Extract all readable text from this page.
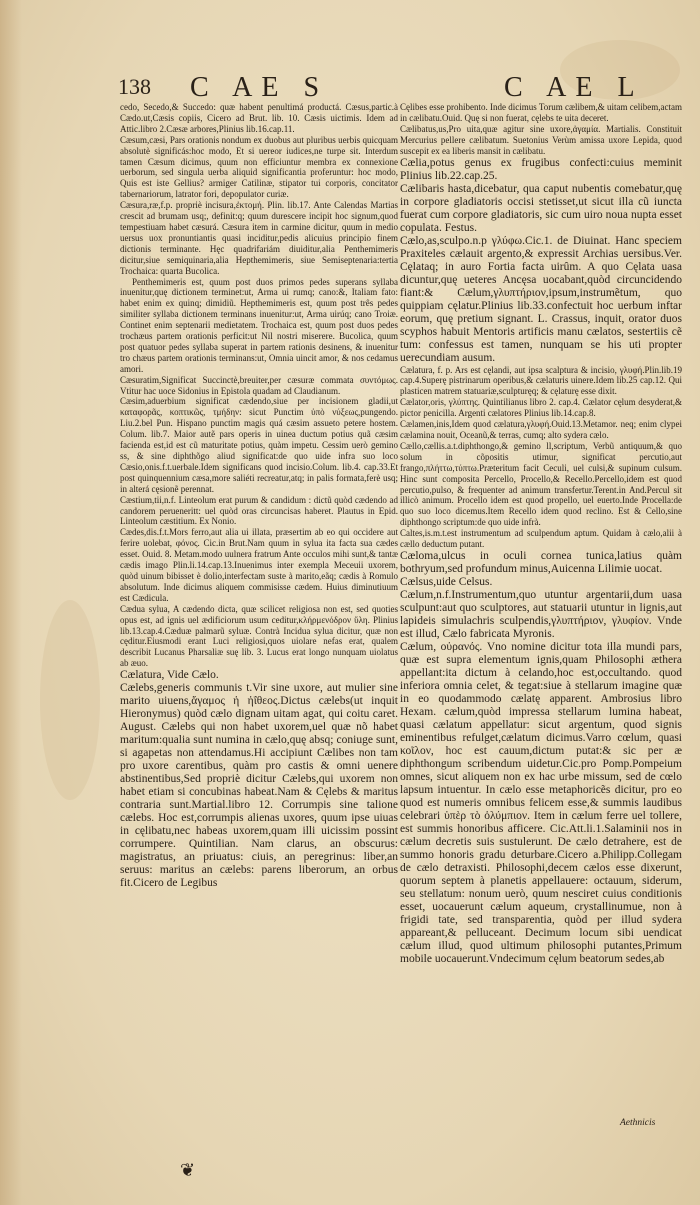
138 C AE S	C AE L

cedo, Secedo,& Succedo: quæ habent penultimá productá. Cæsus,partic.à Cædo.ut,Cæsis copiis, Cicero ad Brut. lib. 10. Cæsis uictimis. Idem ad Attic.libro 2.Cæsæ arbores,Plinius lib.16.cap.11.

Cæsum,cæsi, Pars orationis nondum ex duobus aut pluribus uerbis quicquam absolutè significás:hoc modo, Et si uereor iudices,ne turpe sit. Interdum tamen Cæsum dicimus, quum non efficiuntur membra ex connexione uerborum, sed singula uerba aliquid significantia proferuntur: hoc modo, Quis est iste Gellius? armiger Catilinæ, stipator tui corporis, concitator tabernariorum, latrator fori, depopulator curiæ.

Cæsura,ræ,f.p. propriè incisura,ἐκτομή. Plin. lib.17. Ante Calendas Martias crescit ad brumam usq;, definit:q; quum durescere incipit hoc signum,quod tempestiuam habet cæsurá. Cæsura item in carmine dicitur, quum in medio uersus uox pronuntiantis quasi inciditur,pedis alicuius principio finem dictionis terminante. Hęc quadrifariám diuiditur,alia Penthemimeris dicitur,siue semiquinaria,alia Hepthemimeris, siue Semiseptenaria:tertia Trochaica: quarta Bucolica.

Penthemimeris est, quum post duos primos pedes superans syllaba inuenitur,quę dictionem terminet:ut, Arma ui rumq; cano:&, Italiam fato: habet enim ex quinq; dimidiũ. Hepthemimeris est, quum post três pedes similiter syllaba dictionem terminans inuenitur:ut, Arma uirúq; cano Troiæ. Continet enim septenarii medietatem. Trochaica est, quum post duos pedes trochæus partem orationis perficit:ut Nil nostri miserere. Bucolica, quum post quatuor pedes syllaba superat in partem rationis desinens, & inuenitur tro chæus partem orationis terminans:ut, Omnia uincit amor, & nos cedamus amori.

Cæsuratim,Significat Succinctè,breuiter,per cæsuræ commata συντόμως. Vtitur hac uoce Sidonius in Epistola quadam ad Claudianum.

Cæsim,aduerbium significat cædendo,siue per incisionem gladii,ut καταφορᾶς, κοπτικῶς, τμήδην: sicut Punctim ὑπὸ νύξεως,pungendo. Liu.2.bel Pun. Hispano punctim magis quá cæsim assueto petere hostem. Colum. lib.7. Maior autẽ pars operis in uinea ductum potius quã cæsim facienda est,id est cũ maturitate potius, quàm impetu. Cessim uerò gemino ss, & sine diphthõgo aliud significat:de quo uide infra suo loco Cæsio,onis.f.t.uerbale.Idem significans quod incisio.Colum. lib.4. cap.33.Et post quinquennium cæsa,more saliéti recreatur,atq; in palis formata,ferè usq; in alterá cęsionẽ perennat.

Cæstium,tii,n.f. Linteolum erat purum & candidum : dictũ quòd cædendo ad candorem perueneritt: uel quòd oras circuncisas haberet. Plautus in Epid. Linteolum cæstitium. Ex Nonio.

Cædes,dis.f.t.Mors ferro,aut alia ui illata, præsertim ab eo qui occidere aut ferire uolebat, φόνος. Cic.in Brut.Nam quum in sylua ita facta sua cædes esset. Ouid. 8. Metam.modo uulnera fratrum Ante occulos mihi sunt,& tantæ cædis imago Plin.li.14.cap.13.Inuenimus inter exempla Meceuii uxorem, quòd uinum bibisset è dolio,interfectam suste à marito,eãq; cædis à Romulo absolutum. Inde dicimus aliquem commisisse cædem. Huius diminutiuum est Cædicula.

Cædua sylua, A cædendo dicta, quæ scilicet religiosa non est, sed quoties opus est, ad ignis uel ædificiorum usum ceditur,κλήρμενόδρον ὕλη. Plinius lib.13.cap.4.Cæduæ palmarũ syluæ. Contrà Incidua sylua dicitur, quæ non cęditur.Eiusmodi erant Luci religiosi,quos uiolare nefas erat, qualem describit Lucanus Pharsaliæ suę lib. 3. Lucus erat longo nunquam uiolatus ab æuo.

Cælatura, Vide Cælo.

Cælebs,generis communis t.Vir sine uxore, aut mulier sine marito uiuens,ἄγαμος ἠ ἠΐθεος.Dictus cælebs(ut inquit Hieronymus) quòd cælo dignam uitam agat, qui coitu caret. August. Cælebs qui non habet uxorem,uel quæ nõ habet maritum:qualia sunt numina in cælo,quę absq; coniuge sunt, si agapetas non attendamus.Hi accipiunt Cælibes non tam pro uxore carentibus, quàm pro castis & omni uenere abstinentibus,Sed propriè dicitur Cælebs,qui uxorem non habet etiam si concubinas habeat.Nam & Cęlebs & maritus contraria sunt.Martial.libro 12. Corrumpis sine talione cælebs. Hoc est,corrumpis alienas uxores, quum ipse uiuas in cęlibatu,nec habeas uxorem,quam illi uicissim possint corrumpere. Quintilian. Nam clarus, an obscurus: magistratus, an priuatus: ciuis, an peregrinus: liber,an seruus: maritus an cælebs: parens liberorum, an orbus fit.Cicero de Legibus

Cęlibes esse prohibento. Inde dicimus Torum cælibem,& uitam celibem,actam in cælibatu.Ouid. Quę si non fuerat, cęlebs te uita deceret.

Cælibatus,us,Pro uita,quæ agitur sine uxore,ἀγαμία. Martialis. Constituit Mercurius pellere cælibatum. Suetonius Verùm amissa uxore Lepida, quod suscepit ex ea liberis mansit in cælibatu.

Cælia,potus genus ex frugibus confecti:cuius meminit Plinius lib.22.cap.25.

Cælibaris hasta,dicebatur, qua caput nubentis comebatur,quę in corpore gladiatoris occisi stetisset,ut sicut illa cũ iuncta fuerat cum corpore gladiatoris, sic cum uiro noua nupta esset copulata. Festus.

Cælo,as,sculpo.n.p γλύφω.Cic.1. de Diuinat. Hanc speciem Praxiteles cælauit argento,& expressit Archias uersibus.Ver. Cęlataq; in auro Fortia facta uirûm. A quo Cęlata uasa dicuntur,quę ueteres Ancęsa uocabant,quòd circuncidendo fiant:& Cælum,γλυπτήριον,ipsum,instrumẽtum, quo quippiam cęlatur.Plinius lib.33.confectuit hoc uerbum inftar eorum, quę pretium signant. L. Crassus, inquit, orator duos scyphos habuit Mentoris artificis manu cælatos, sestertiis cẽ tum: confessus est tamen, nunquam se his uti propter uerecundiam ausum.

Cælatura, f. p. Ars est cęlandi, aut ipsa scalptura & incisio, γλυφή.Plin.lib.19 cap.4.Superę pistrinarum operibus,& cælaturis uinere.Idem lib.25 cap.12. Qui plasticen matrem statuariæ,sculpturęq; & cęlaturę esse dixit.

Cælator,oris, γλύπτης. Quintilianus libro 2. cap.4. Cælator cęlum desyderat,& pictor penicilla. Argenti cælatores Plinius lib.14.cap.8.

Cælamen,inis,Idem quod cælatura,γλυφή.Ouid.13.Metamor. neq; enim clypei cælamina nouit, Oceanũ,& terras, cumq; alto sydera cælo.

Cællo,cællis.a.t.diphthongo,& gemino ll,scriptum, Verbũ antiquum,& quo solum in cõpositis utimur, significat percutio,aut frango,πλήττω,τύπτω.Præteritum facit Ceculi, uel culsi,& supinum culsum. Hinc sunt composita Percello, Procello,& Recello.Percello,idem est quod percutio,pulso, & frequenter ad animum transfertur.Terent.in And.Percul sit illicò animum. Procello idem est quod propello, uel euerto.Inde Procella:de quo suo loco dicemus.Item Recello idem quod reclino. Est & Cello,sine diphthongo scriptum:de quo uide infrà.

Caltes,is.m.t.est instrumentum ad sculpendum aptum. Quidam à cælo,alii à cællo deductum putant.

Cæloma,ulcus in oculi cornea tunica,latius quàm bothryum,sed profundum minus,Auicenna Lilimie uocat.

Cælsus,uide Celsus.

Cælum,n.f.Instrumentum,quo utuntur argentarii,dum uasa sculpunt:aut quo sculptores, aut statuarii utuntur in lignis,aut lapideis simulachris sculpendis,γλυπτήριον, γλυφίον. Vnde est illud, Cælo fabricata Myronis.

Cælum, οὐρανός. Vno nomine dicitur tota illa mundi pars, quæ est supra elementum ignis,quam Philosophi æthera appellant:ita dictum à celando,hoc est,occultando. quod inferiora omnia celet, & tegat:siue à stellarum imagine quæ in eo quodammodo cælatę apparent. Ambrosius libro Hexam. cælum,quòd impressa stellarum lumina habeat, quasi cælatum appellatur: sicut argentum, quod signis eminentibus refulget,cælatum dicimus.Varro cœlum, quasi κοῖλον, hoc est cauum,dictum putat:& sic per æ diphthongum scribendum uidetur.Cic.pro Pomp.Pompeium omnes, sicut aliquem non ex hac urbe missum, sed de cœlo lapsum intuentur. In cælo esse metaphoricẽs dicitur, pro eo quod est numeris omnibus felicem esse,& summis laudibus celebrari ὑπὲρ τὸ ὀλύμπιον. Item in cælum ferre uel tollere, est summis honoribus afficere. Cic.Att.li.1.Salaminii nos in cælum decretis suis sustulerunt. De cælo detrahere, est de summo honoris gradu deturbare.Cicero a.Philipp.Collegam de cælo detraxisti. Philosophi,decem cælos esse dixerunt, quorum septem à planetis appellauere: octauum, siderum, seu stellatum: nonum uerò, quum nesciret cuius conditionis esset, uocauerunt cælum aqueum, crystallinumue, non à frigidi tate, sed transparentia, quòd per illud sydera appareant,& pelluceant. Decimum locum sibi uendicat cælum illud, quod ultimum philosophi putantes,Primum mobile uocauerunt.Vndecimum cęlum beatorum sedes,ab

Aethnicis
❦
